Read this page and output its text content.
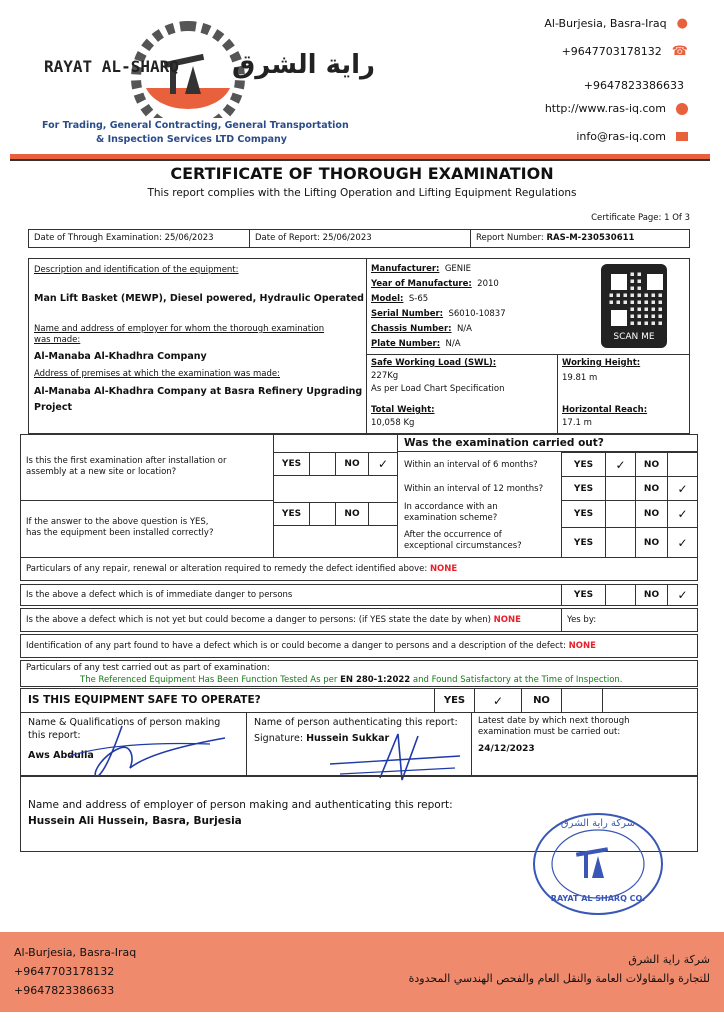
RAYAT AL-SHARQ راية الشرق
For Trading, General Contracting, General Transportation
& Inspection Services LTD Company
Al-Burjesia, Basra-Iraq ●
+9647703178132 ☎
+9647823386633
http://www.ras-iq.com
info@ras-iq.com
CERTIFICATE OF THOROUGH EXAMINATION
This report complies with the Lifting Operation and Lifting Equipment Regulations
Certificate Page: 1 Of 3
Date of Through Examination: 25/06/2023	Date of Report: 25/06/2023	Report Number: RAS-M-230530611
Description and identification of the equipment:
Man Lift Basket (MEWP), Diesel powered, Hydraulic Operated
Name and address of employer for whom the thorough examination
was made:
Al-Manaba Al-Khadhra Company
Address of premises at which the examination was made:
Al-Manaba Al-Khadhra Company at Basra Refinery Upgrading
Project
Manufacturer: GENIE
Year of Manufacture: 2010
Model: S-65
Serial Number: S6010-10837
Chassis Number: N/A
Plate Number: N/A
SCAN ME
Safe Working Load (SWL):
227Kg
As per Load Chart Specification
Total Weight:
10,058 Kg
Working Height:
19.81 m
Horizontal Reach:
17.1 m
Is this the first examination after installation or
assembly at a new site or location?
If the answer to the above question is YES,
has the equipment been installed correctly?
YES	NO	✓
YES	NO
Was the examination carried out?
Within an interval of 6 months?	YES	✓	NO
Within an interval of 12 months?	YES	NO	✓
In accordance with an
examination scheme?	YES	NO	✓
After the occurrence of
exceptional circumstances?	YES	NO	✓
Particulars of any repair, renewal or alteration required to remedy the defect identified above: NONE
Is the above a defect which is of immediate danger to persons	YES	NO	✓
Is the above a defect which is not yet but could become a danger to persons: (if YES state the date by when) NONE	Yes by:
Identification of any part found to have a defect which is or could become a danger to persons and a description of the defect: NONE
Particulars of any test carried out as part of examination:
The Referenced Equipment Has Been Function Tested As per EN 280-1:2022 and Found Satisfactory at the Time of Inspection.
IS THIS EQUIPMENT SAFE TO OPERATE?	YES	✓	NO
Name & Qualifications of person making
this report:
Aws Abdulla
Name of person authenticating this report:
Signature: Hussein Sukkar
Latest date by which next thorough
examination must be carried out:
24/12/2023
Name and address of employer of person making and authenticating this report:
Hussein Ali Hussein, Basra, Burjesia	شركة راية الشرق
RAYAT AL SHARQ CO.
Al-Burjesia, Basra-Iraq
+9647703178132
+9647823386633
شركة راية الشرق
للتجارة والمقاولات العامة والنقل العام والفحص الهندسي المحدودة
